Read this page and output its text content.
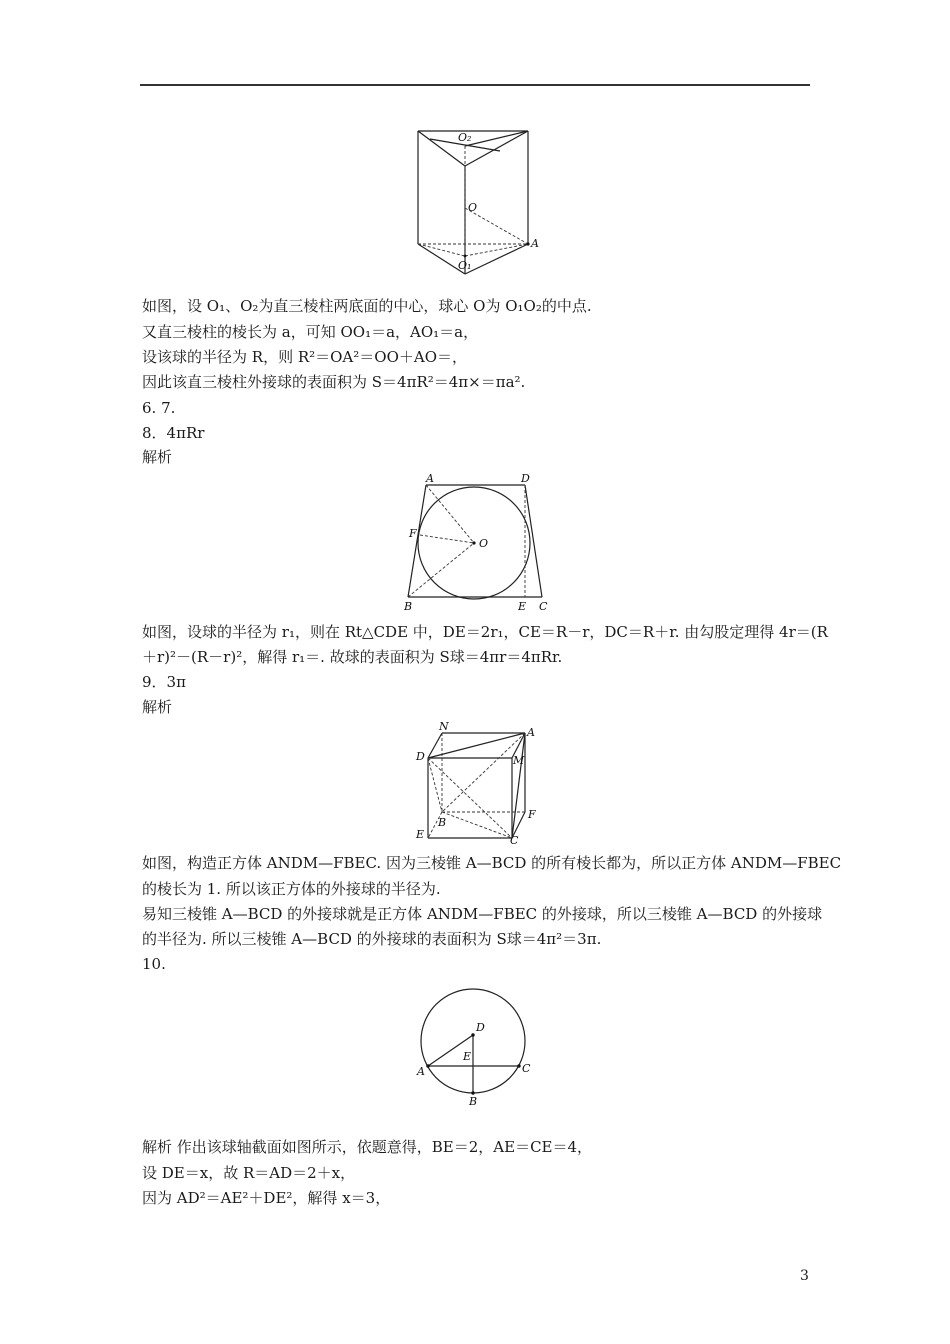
O₂
O
A
O₁
如图，设 O₁、O₂为直三棱柱两底面的中心，球心 O为 O₁O₂的中点.
又直三棱柱的棱长为 a，可知 OO₁＝a，AO₁＝a，
设该球的半径为 R，则 R²＝OA²＝OO＋AO＝，
因此该直三棱柱外接球的表面积为 S＝4πR²＝4π×＝πa².
6. 7.
8．4πRr
解析
A	D
F
O
B	E C
如图，设球的半径为 r₁，则在 Rt△CDE 中，DE＝2r₁，CE＝R－r，DC＝R＋r. 由勾股定理得 4r＝(R
＋r)²－(R－r)²，解得 r₁＝. 故球的表面积为 S球＝4πr＝4πRr.
9．3π
解析
N	A
D	M
F
E
B
C
如图，构造正方体 ANDM—FBEC. 因为三棱锥 A—BCD 的所有棱长都为，所以正方体 ANDM—FBEC
的棱长为 1. 所以该正方体的外接球的半径为.
易知三棱锥 A—BCD 的外接球就是正方体 ANDM—FBEC 的外接球，所以三棱锥 A—BCD 的外接球
的半径为. 所以三棱锥 A—BCD 的外接球的表面积为 S球＝4π²＝3π.
10.
D
E
A	C
B
解析 作出该球轴截面如图所示，依题意得，BE＝2，AE＝CE＝4，
设 DE＝x，故 R＝AD＝2＋x，
因为 AD²＝AE²＋DE²，解得 x＝3，
3
